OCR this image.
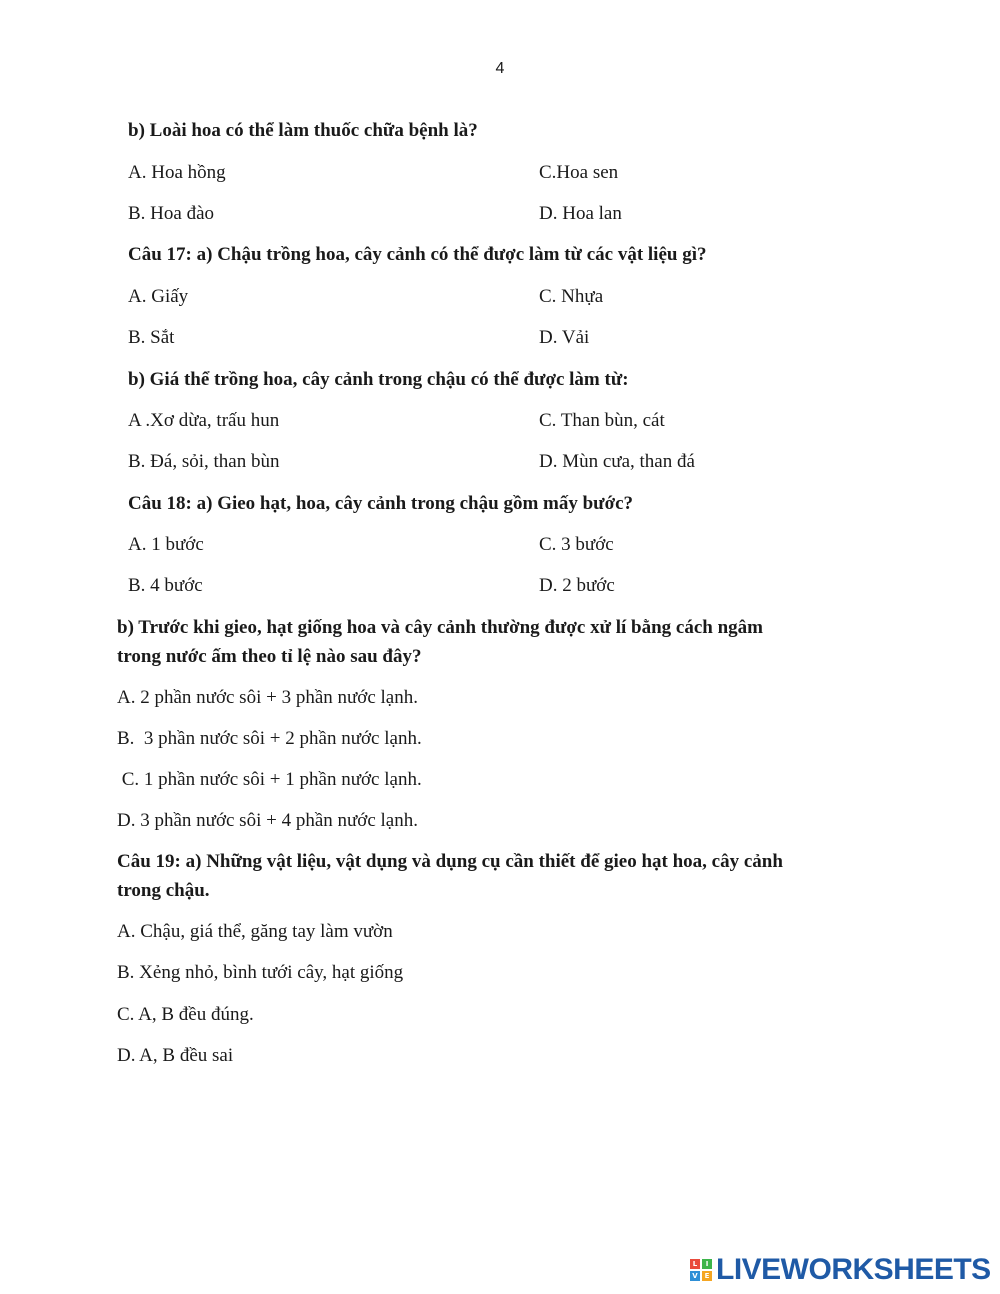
4
b) Loài hoa có thể làm thuốc chữa bệnh là?
A. Hoa hồng	C.Hoa sen
B. Hoa đào	D. Hoa lan
Câu 17: a) Chậu trồng hoa, cây cảnh có thể được làm từ các vật liệu gì?
A. Giấy	C. Nhựa
B. Sắt	D. Vải
b) Giá thể trồng hoa, cây cảnh trong chậu có thể được làm từ:
A .Xơ dừa, trấu hun	C. Than bùn, cát
B. Đá, sỏi, than bùn	D. Mùn cưa, than đá
Câu 18: a) Gieo hạt, hoa, cây cảnh trong chậu gồm mấy bước?
A. 1 bước	C. 3 bước
B. 4 bước	D. 2 bước
b) Trước khi gieo, hạt giống hoa và cây cảnh thường được xử lí bằng cách ngâm
trong nước ấm theo tỉ lệ nào sau đây?
A. 2 phần nước sôi + 3 phần nước lạnh.
B.  3 phần nước sôi + 2 phần nước lạnh.
C. 1 phần nước sôi + 1 phần nước lạnh.
D. 3 phần nước sôi + 4 phần nước lạnh.
Câu 19: a) Những vật liệu, vật dụng và dụng cụ cần thiết để gieo hạt hoa, cây cảnh
trong chậu.
A. Chậu, giá thể, găng tay làm vườn
B. Xẻng nhỏ, bình tưới cây, hạt giống
C. A, B đều đúng.
D. A, B đều sai
L	I
V E LIVEWORKSHEETS
